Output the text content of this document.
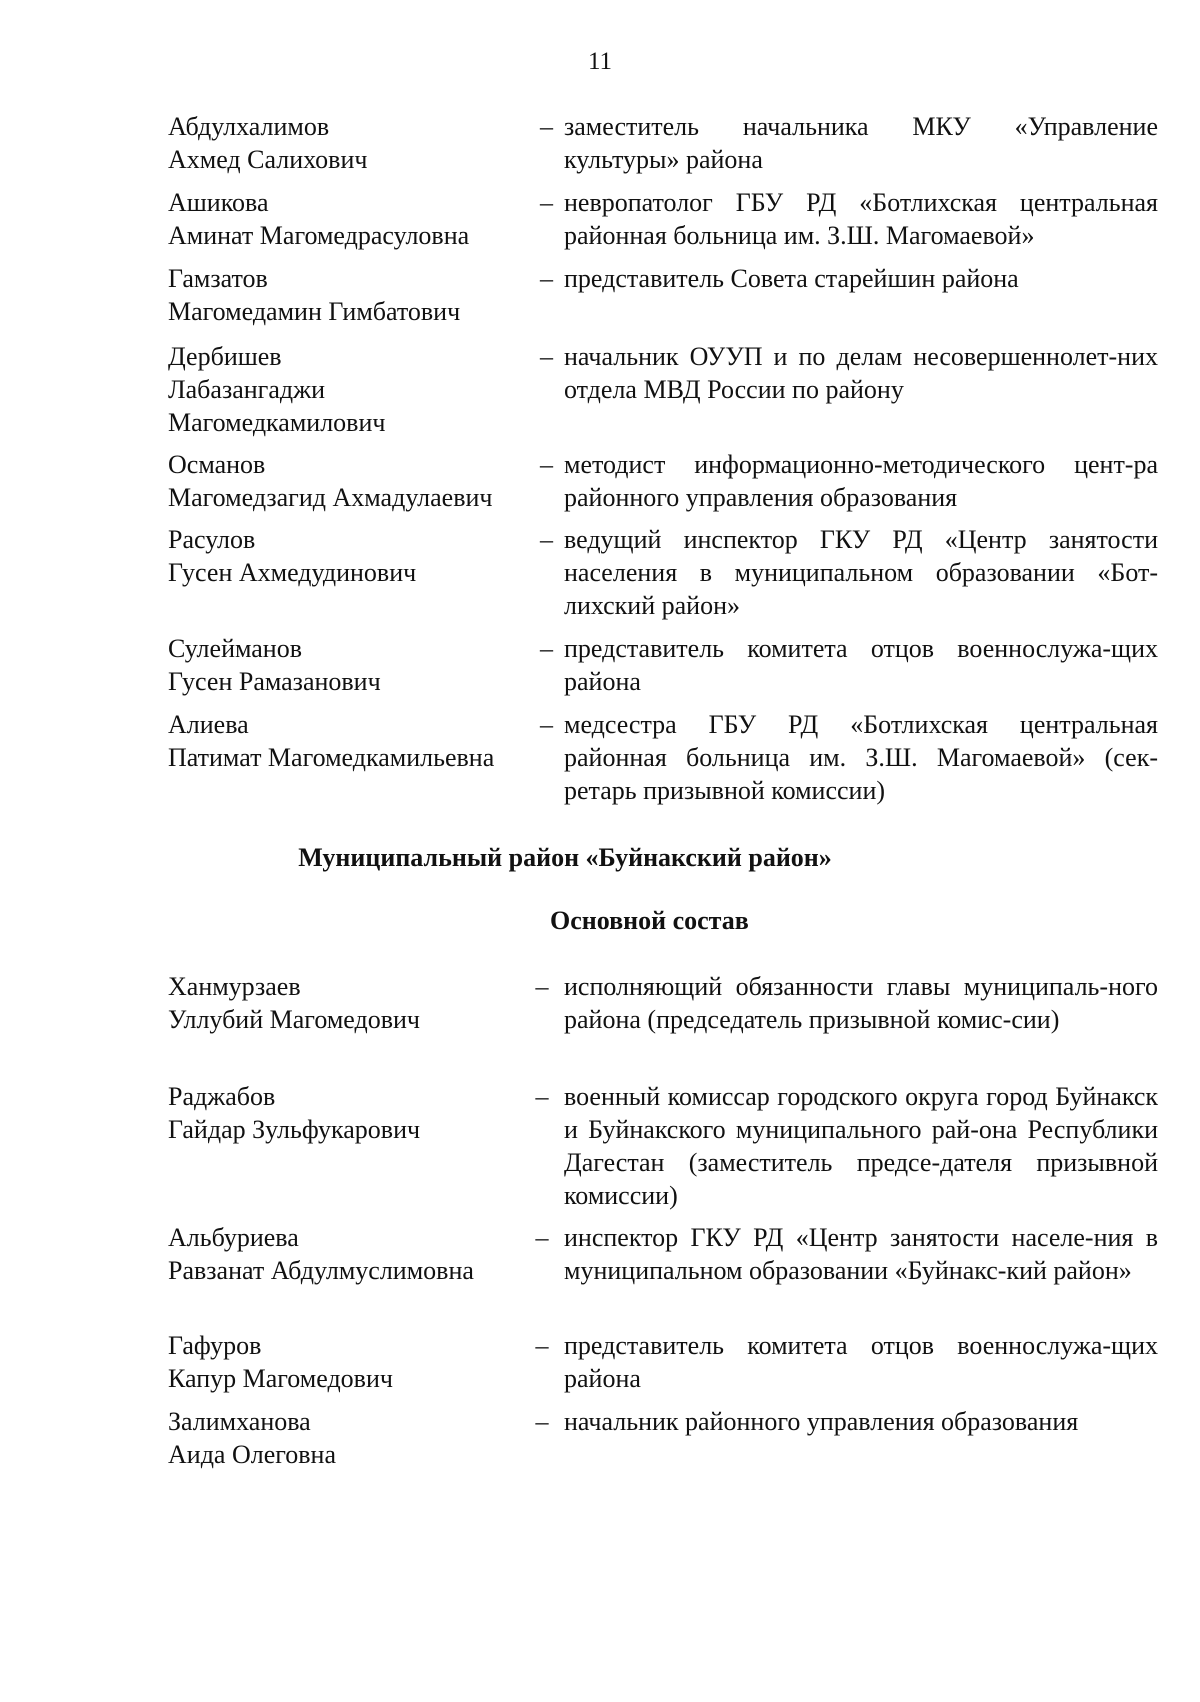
11
Абдулхалимов
Ахмед Салихович
– заместитель начальника МКУ «Управление культуры» района
Ашикова
Аминат Магомедрасуловна
– невропатолог ГБУ РД «Ботлихская центральная районная больница им. З.Ш. Магомаевой»
Гамзатов
Магомедамин Гимбатович
– представитель Совета старейшин района
Дербишев
Лабазангаджи
Магомедкамилович
– начальник ОУУП и по делам несовершеннолет-них отдела МВД России по району
Османов
Магомедзагид Ахмадулаевич
– методист информационно-методического цент-ра районного управления образования
Расулов
Гусен Ахмедудинович
– ведущий инспектор ГКУ РД «Центр занятости населения в муниципальном образовании «Бот-лихский район»
Сулейманов
Гусен Рамазанович
– представитель комитета отцов военнослужа-щих района
Алиева
Патимат Магомедкамильевна
– медсестра ГБУ РД «Ботлихская центральная районная больница им. З.Ш. Магомаевой» (сек-ретарь призывной комиссии)
Муниципальный район «Буйнакский район»
Основной состав
Ханмурзаев
Уллубий Магомедович
– исполняющий обязанности главы муниципаль-ного района (председатель призывной комис-сии)
Раджабов
Гайдар Зульфукарович
– военный комиссар городского округа город Буйнакск и Буйнакского муниципального рай-она Республики Дагестан (заместитель предсе-дателя призывной комиссии)
Альбуриева
Равзанат Абдулмуслимовна
– инспектор ГКУ РД «Центр занятости населе-ния в муниципальном образовании «Буйнакс-кий район»
Гафуров
Капур Магомедович
– представитель комитета отцов военнослужа-щих района
Залимханова
Аида Олеговна
– начальник районного управления образования
